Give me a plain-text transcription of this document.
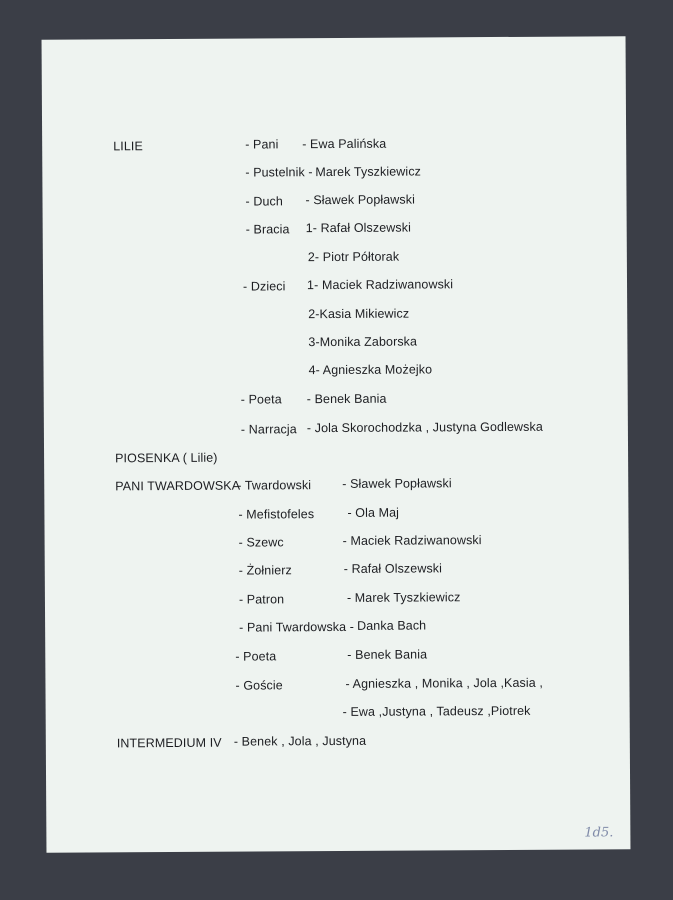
LILIE	- Pani - Ewa Palińska
- Pustelnik - Marek Tyszkiewicz
- Duch - Sławek Popławski
- Bracia 1- Rafał Olszewski
2- Piotr Półtorak
- Dzieci 1- Maciek Radziwanowski
2-Kasia Mikiewicz
3-Monika Zaborska
4- Agnieszka Możejko
- Poeta - Benek Bania
- Narracja - Jola Skorochodzka , Justyna Godlewska
PIOSENKA ( Lilie)
PANI TWARDOWSKA
- Twardowski - Sławek Popławski
- Mefistofeles	- Ola Maj
- Szewc	- Maciek Radziwanowski
- Żołnierz	- Rafał Olszewski
- Patron	- Marek Tyszkiewicz
- Pani Twardowska - Danka Bach
- Poeta	- Benek Bania
- Goście	- Agnieszka , Monika , Jola ,Kasia ,
- Ewa ,Justyna , Tadeusz ,Piotrek
INTERMEDIUM IV - Benek , Jola , Justyna
1d5.
